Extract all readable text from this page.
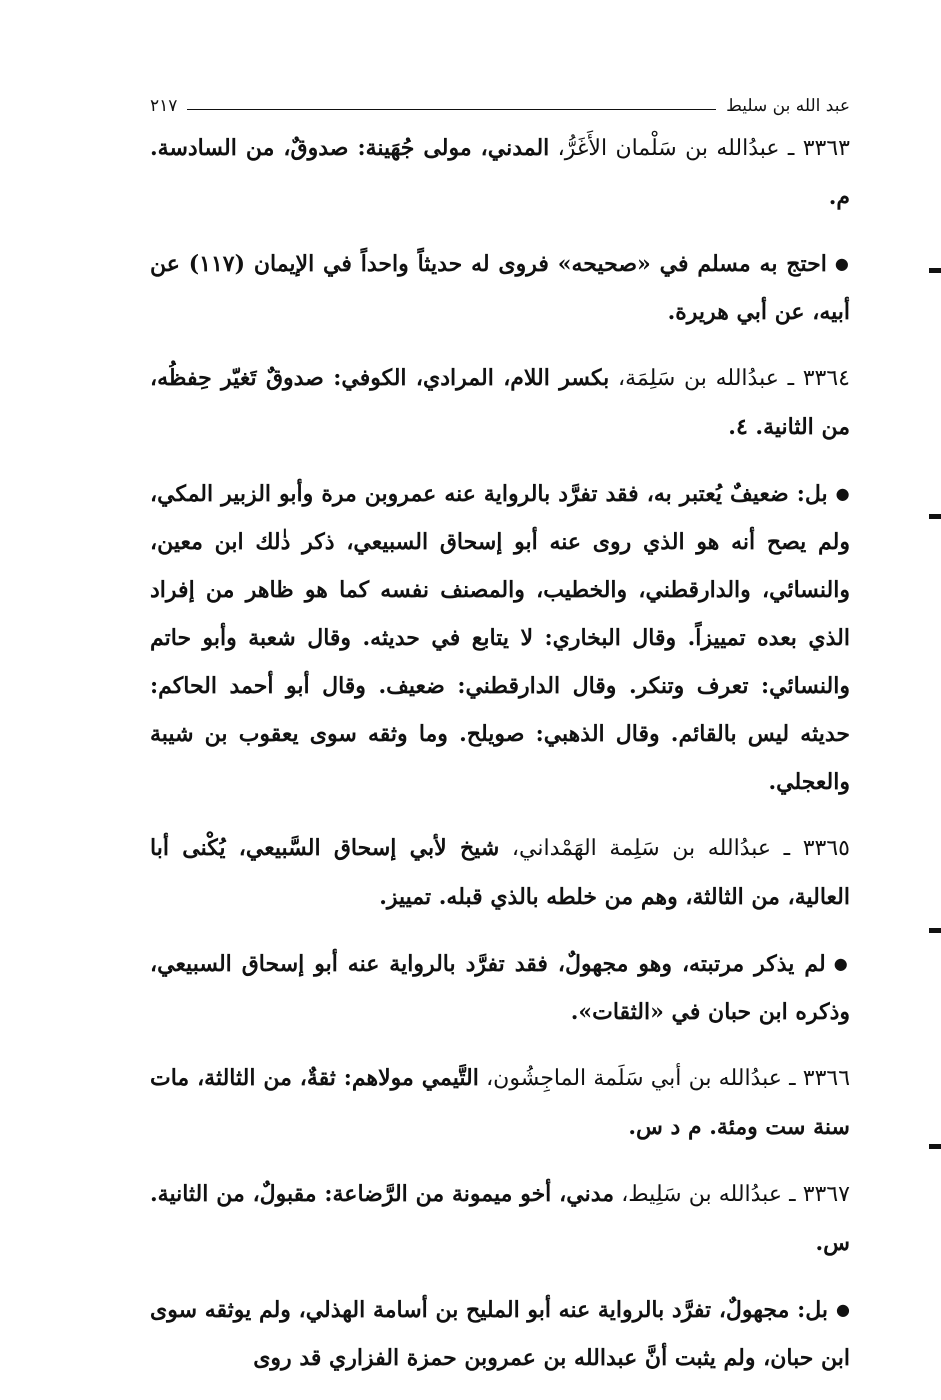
عبد الله بن سليط
٢١٧

٣٣٦٣ ـ عبدُالله بن سَلْمان الأَغَرُّ، المدني، مولى جُهَينة: صدوقٌ، من السادسة. م.

● احتج به مسلم في «صحيحه» فروى له حديثاً واحداً في الإيمان (١١٧) عن أبيه، عن أبي هريرة.

٣٣٦٤ ـ عبدُالله بن سَلِمَة، بكسر اللام، المرادي، الكوفي: صدوقٌ تَغيّر حِفظُه، من الثانية. ٤.

● بل: ضعيفٌ يُعتبر به، فقد تفرَّد بالرواية عنه عمروبن مرة وأبو الزبير المكي، ولم يصح أنه هو الذي روى عنه أبو إسحاق السبيعي، ذكر ذٰلك ابن معين، والنسائي، والدارقطني، والخطيب، والمصنف نفسه كما هو ظاهر من إفراد الذي بعده تمييزاً. وقال البخاري: لا يتابع في حديثه. وقال شعبة وأبو حاتم والنسائي: تعرف وتنكر. وقال الدارقطني: ضعيف. وقال أبو أحمد الحاكم: حديثه ليس بالقائم. وقال الذهبي: صويلح. وما وثقه سوى يعقوب بن شيبة والعجلي.

٣٣٦٥ ـ عبدُالله بن سَلِمة الهَمْداني، شيخ لأبي إسحاق السَّبيعي، يُكْنى أبا العالية، من الثالثة، وهم من خلطه بالذي قبله. تمييز.

● لم يذكر مرتبته، وهو مجهولٌ، فقد تفرَّد بالرواية عنه أبو إسحاق السبيعي، وذكره ابن حبان في «الثقات».

٣٣٦٦ ـ عبدُالله بن أبي سَلَمة الماجِشُون، التَّيمي مولاهم: ثقةٌ، من الثالثة، مات سنة ست ومئة. م د س.

٣٣٦٧ ـ عبدُالله بن سَلِيط، مدني، أخو ميمونة من الرَّضاعة: مقبولٌ، من الثانية. س.

● بل: مجهولٌ، تفرَّد بالرواية عنه أبو المليح بن أسامة الهذلي، ولم يوثقه سوى ابن حبان، ولم يثبت أنَّ عبدالله بن عمروبن حمزة الفزاري قد روى
